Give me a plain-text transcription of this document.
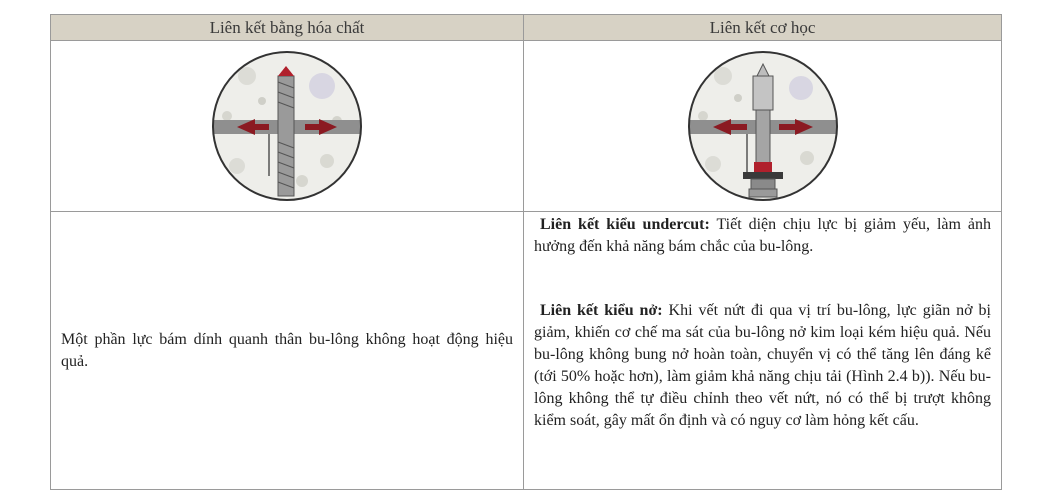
Liên kết bằng hóa chất	Liên kết cơ học

Một phần lực bám dính quanh thân bu-lông không hoạt động hiệu quả.	Liên kết kiểu undercut: Tiết diện chịu lực bị giảm yếu, làm ảnh hưởng đến khả năng bám chắc của bu-lông.

Liên kết kiểu nở: Khi vết nứt đi qua vị trí bu-lông, lực giãn nở bị giảm, khiến cơ chế ma sát của bu-lông nở kim loại kém hiệu quả. Nếu bu-lông không bung nở hoàn toàn, chuyển vị có thể tăng lên đáng kể (tới 50% hoặc hơn), làm giảm khả năng chịu tải (Hình 2.4 b)). Nếu bu-lông không thể tự điều chỉnh theo vết nứt, nó có thể bị trượt không kiểm soát, gây mất ổn định và có nguy cơ làm hỏng kết cấu.
